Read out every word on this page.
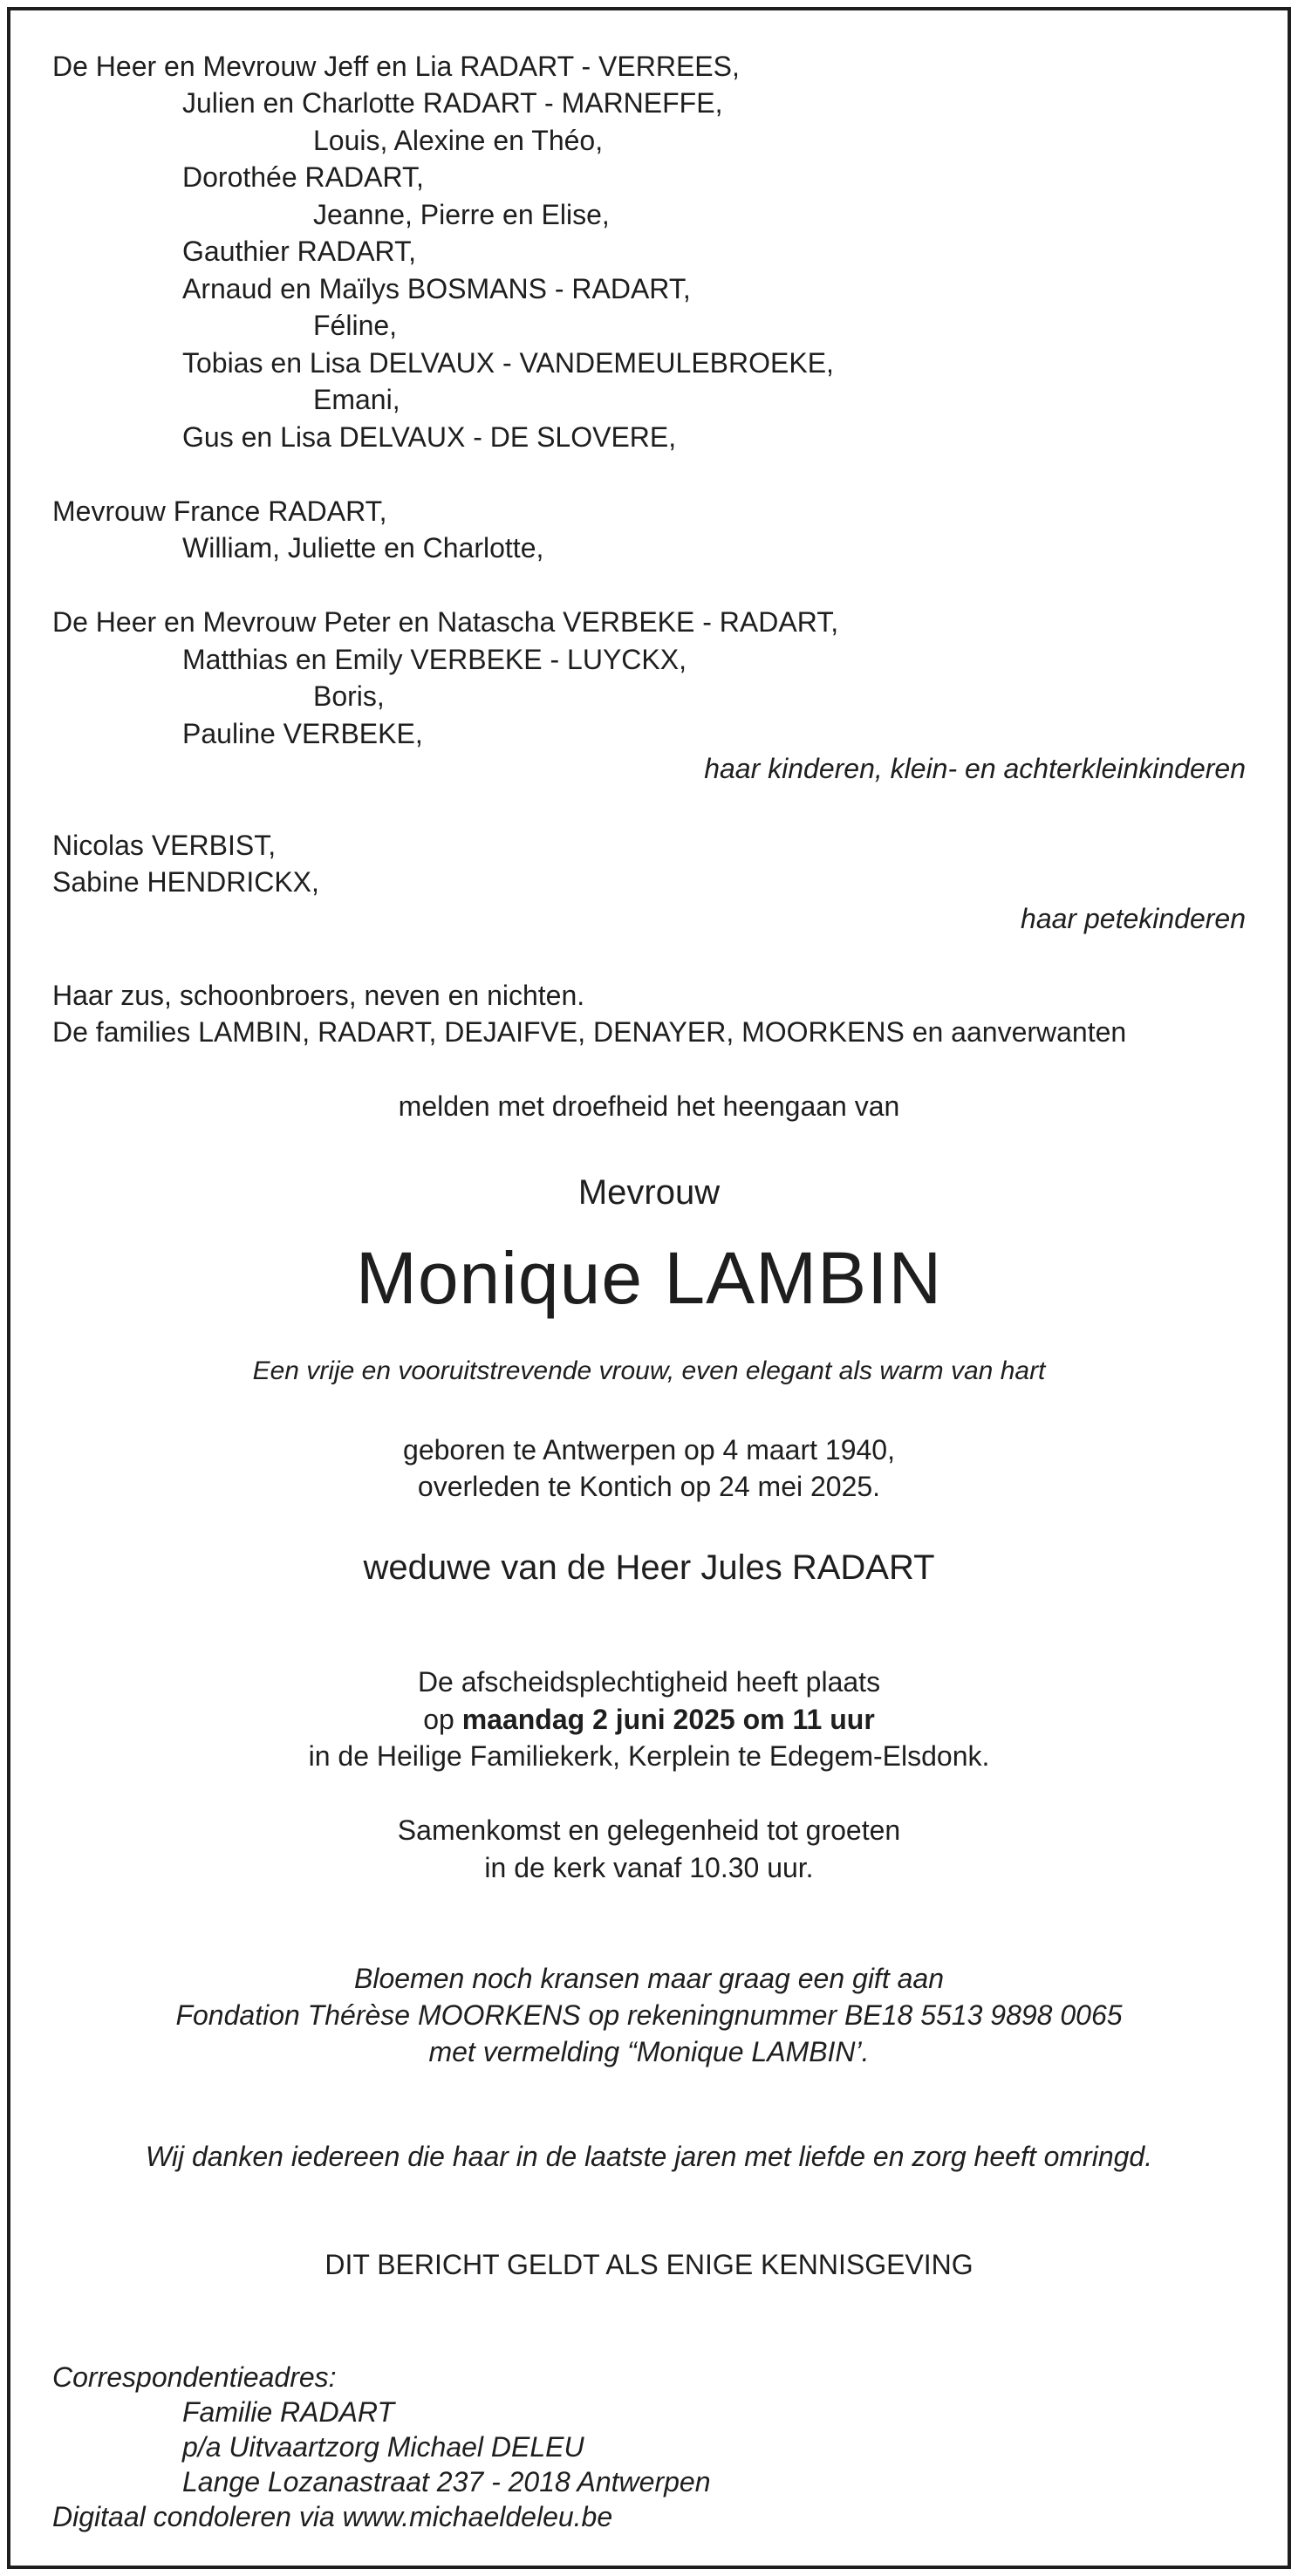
De Heer en Mevrouw Jeff en Lia RADART - VERREES,
Julien en Charlotte RADART - MARNEFFE,
Louis, Alexine en Théo,
Dorothée RADART,
Jeanne, Pierre en Elise,
Gauthier RADART,
Arnaud en Maïlys BOSMANS - RADART,
Féline,
Tobias en Lisa DELVAUX - VANDEMEULEBROEKE,
Emani,
Gus en Lisa DELVAUX - DE SLOVERE,
Mevrouw France RADART,
William, Juliette en Charlotte,
De Heer en Mevrouw Peter en Natascha VERBEKE - RADART,
Matthias en Emily VERBEKE - LUYCKX,
Boris,
Pauline VERBEKE,
haar kinderen, klein- en achterkleinkinderen
Nicolas VERBIST,
Sabine HENDRICKX,
haar petekinderen
Haar zus, schoonbroers, neven en nichten.
De families LAMBIN, RADART, DEJAIFVE, DENAYER, MOORKENS en aanverwanten
melden met droefheid het heengaan van
Mevrouw
Monique LAMBIN
Een vrije en vooruitstrevende vrouw, even elegant als warm van hart
geboren te Antwerpen op 4 maart 1940,
overleden te Kontich op 24 mei 2025.
weduwe van de Heer Jules RADART
De afscheidsplechtigheid heeft plaats
op maandag 2 juni 2025 om 11 uur
in de Heilige Familiekerk, Kerplein te Edegem-Elsdonk.
Samenkomst en gelegenheid tot groeten
in de kerk vanaf 10.30 uur.
Bloemen noch kransen maar graag een gift aan
Fondation Thérèse MOORKENS op rekeningnummer BE18 5513 9898 0065
met vermelding “Monique LAMBIN’.
Wij danken iedereen die haar in de laatste jaren met liefde en zorg heeft omringd.
DIT BERICHT GELDT ALS ENIGE KENNISGEVING
Correspondentieadres:
Familie RADART
p/a Uitvaartzorg Michael DELEU
Lange Lozanastraat 237 - 2018 Antwerpen
Digitaal condoleren via www.michaeldeleu.be
